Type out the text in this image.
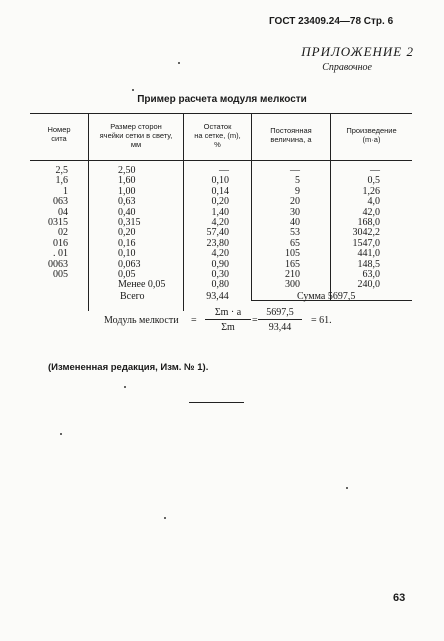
ГОСТ 23409.24—78 Стр. 6
ПРИЛОЖЕНИЕ 2
Справочное
Пример расчета модуля мелкости
Номер
сита
Размер сторон
ячейки сетки в свету,
мм
Остаток
на сетке, (m),
%
Постоянная
величина, a
Произведение
(m·a)
2,5
1,6
1
063
04
0315
02
016
. 01
0063
005

2,50
1,60
1,00
0,63
0,40
0,315
0,20
0,16
0,10
0,063
0,05
Менее 0,05
—
0,10
0,14
0,20
1,40
4,20
57,40
23,80
4,20
0,90
0,30
0,80
—
5
9
20
30
40
53
65
105
165
210
300
—
0,5
1,26
4,0
42,0
168,0
3042,2
1547,0
441,0
148,5
63,0
240,0
Всего	93,44	Сумма 5697,5
Модуль мелкости =
Σm · a
Σm
=
5697,5
93,44
= 61.
(Измененная редакция, Изм. № 1).
63
